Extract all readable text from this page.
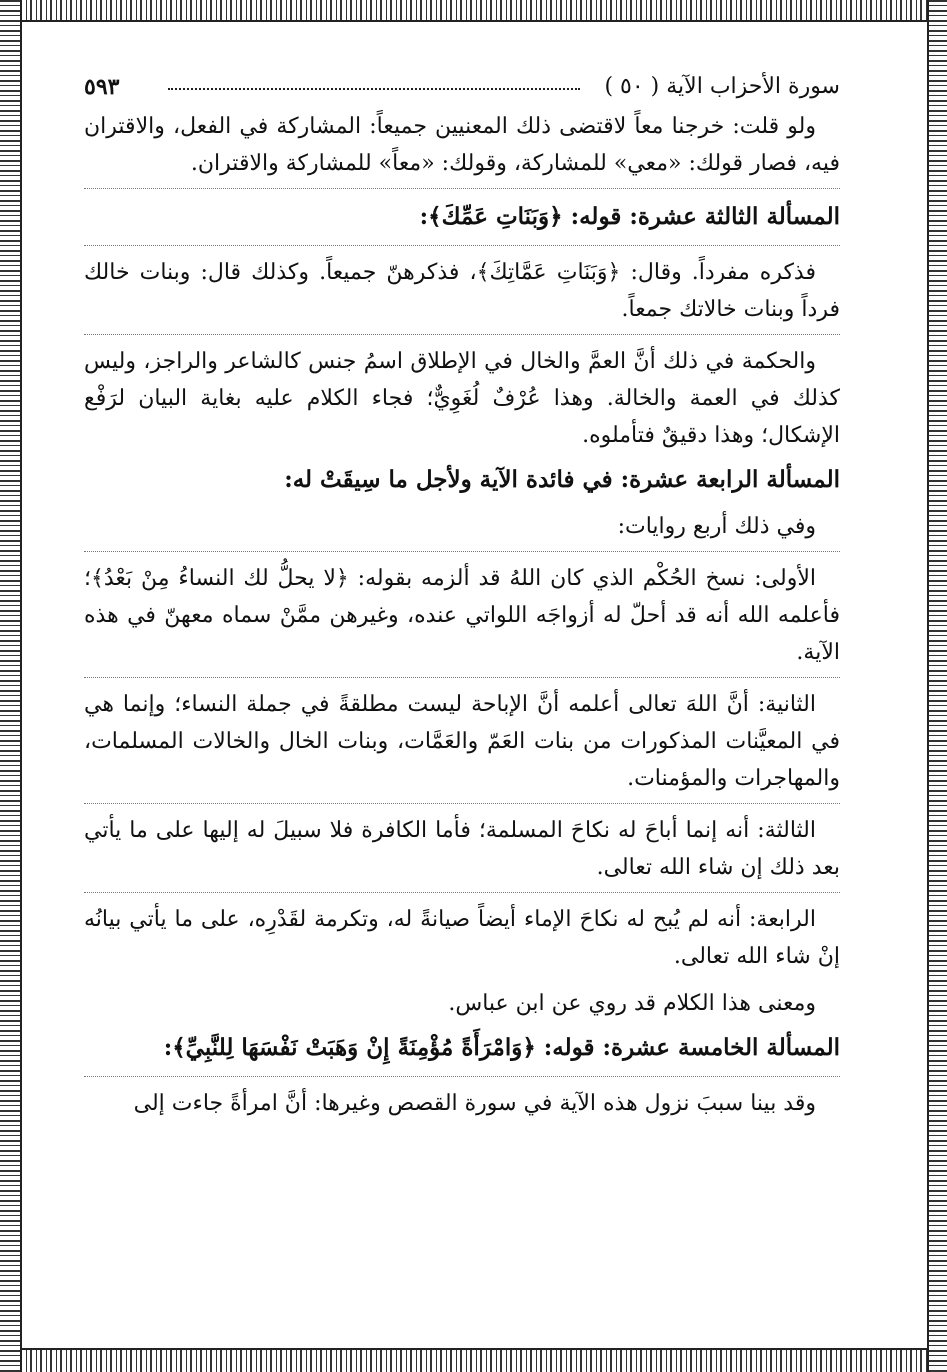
سورة الأحزاب الآية ( ٥٠ )
٥٩٣

ولو قلت: خرجنا معاً لاقتضى ذلك المعنيين جميعاً: المشاركة في الفعل، والاقتران فيه، فصار قولك: «معي» للمشاركة، وقولك: «معاً» للمشاركة والاقتران.

المسألة الثالثة عشرة: قوله: ﴿وَبَنَاتِ عَمِّكَ﴾:

فذكره مفرداً. وقال: ﴿وَبَنَاتِ عَمَّاتِكَ﴾، فذكرهنّ جميعاً. وكذلك قال: وبنات خالك فرداً وبنات خالاتك جمعاً.

والحكمة في ذلك أنَّ العمَّ والخال في الإطلاق اسمُ جنس كالشاعر والراجز، وليس كذلك في العمة والخالة. وهذا عُرْفٌ لُغَوِيٌّ؛ فجاء الكلام عليه بغاية البيان لرَفْع الإشكال؛ وهذا دقيقٌ فتأملوه.

المسألة الرابعة عشرة: في فائدة الآية ولأجل ما سِيقَتْ له:

وفي ذلك أربع روايات:

الأولى: نسخ الحُكْم الذي كان اللهُ قد ألزمه بقوله: ﴿لا يحلُّ لك النساءُ مِنْ بَعْدُ﴾؛ فأعلمه الله أنه قد أحلّ له أزواجَه اللواتي عنده، وغيرهن ممَّنْ سماه معهنّ في هذه الآية.

الثانية: أنَّ اللهَ تعالى أعلمه أنَّ الإباحة ليست مطلقةً في جملة النساء؛ وإنما هي في المعيَّنات المذكورات من بنات العَمّ والعَمَّات، وبنات الخال والخالات المسلمات، والمهاجرات والمؤمنات.

الثالثة: أنه إنما أباحَ له نكاحَ المسلمة؛ فأما الكافرة فلا سبيلَ له إليها على ما يأتي بعد ذلك إن شاء الله تعالى.

الرابعة: أنه لم يُبح له نكاحَ الإماء أيضاً صيانةً له، وتكرمة لقَدْرِه، على ما يأتي بيانُه إنْ شاء الله تعالى.

ومعنى هذا الكلام قد روي عن ابن عباس.

المسألة الخامسة عشرة: قوله: ﴿وَامْرَأَةً مُؤْمِنَةً إِنْ وَهَبَتْ نَفْسَهَا لِلنَّبِيِّ﴾:

وقد بينا سببَ نزول هذه الآية في سورة القصص وغيرها: أنَّ امرأةً جاءت إلى
